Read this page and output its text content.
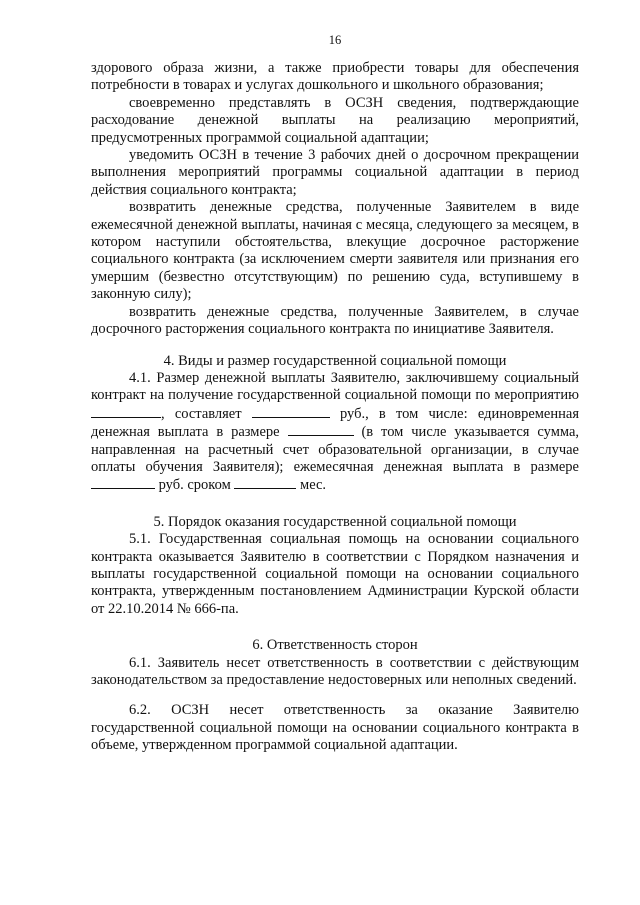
16

здорового образа жизни, а также приобрести товары для обеспечения потребности в товарах и услугах дошкольного и школьного образования;

своевременно представлять в ОСЗН сведения, подтверждающие расходование денежной выплаты на реализацию мероприятий, предусмотренных программой социальной адаптации;

уведомить ОСЗН в течение 3 рабочих дней о досрочном прекращении выполнения мероприятий программы социальной адаптации в период действия социального контракта;

возвратить денежные средства, полученные Заявителем в виде ежемесячной денежной выплаты, начиная с месяца, следующего за месяцем, в котором наступили обстоятельства, влекущие досрочное расторжение социального контракта (за исключением смерти заявителя или признания его умершим (безвестно отсутствующим) по решению суда, вступившему в законную силу);

возвратить денежные средства, полученные Заявителем, в случае досрочного расторжения социального контракта по инициативе Заявителя.

4. Виды и размер государственной социальной помощи

4.1. Размер денежной выплаты Заявителю, заключившему социальный контракт на получение государственной социальной помощи по мероприятию , составляет	руб., в том числе: единовременная денежная выплата в размере	(в том числе указывается сумма, направленная на расчетный счет образовательной организации, в случае оплаты обучения Заявителя); ежемесячная денежная выплата в размере  руб. сроком	мес.

5. Порядок оказания государственной социальной помощи

5.1. Государственная социальная помощь на основании социального контракта оказывается Заявителю в соответствии с Порядком назначения и выплаты государственной социальной помощи на основании социального контракта, утвержденным постановлением Администрации Курской области от 22.10.2014 № 666-па.

6. Ответственность сторон

6.1. Заявитель несет ответственность в соответствии с действующим законодательством за предоставление недостоверных или неполных сведений.

6.2. ОСЗН несет ответственность за оказание Заявителю государственной социальной помощи на основании социального контракта в объеме, утвержденном программой социальной адаптации.
